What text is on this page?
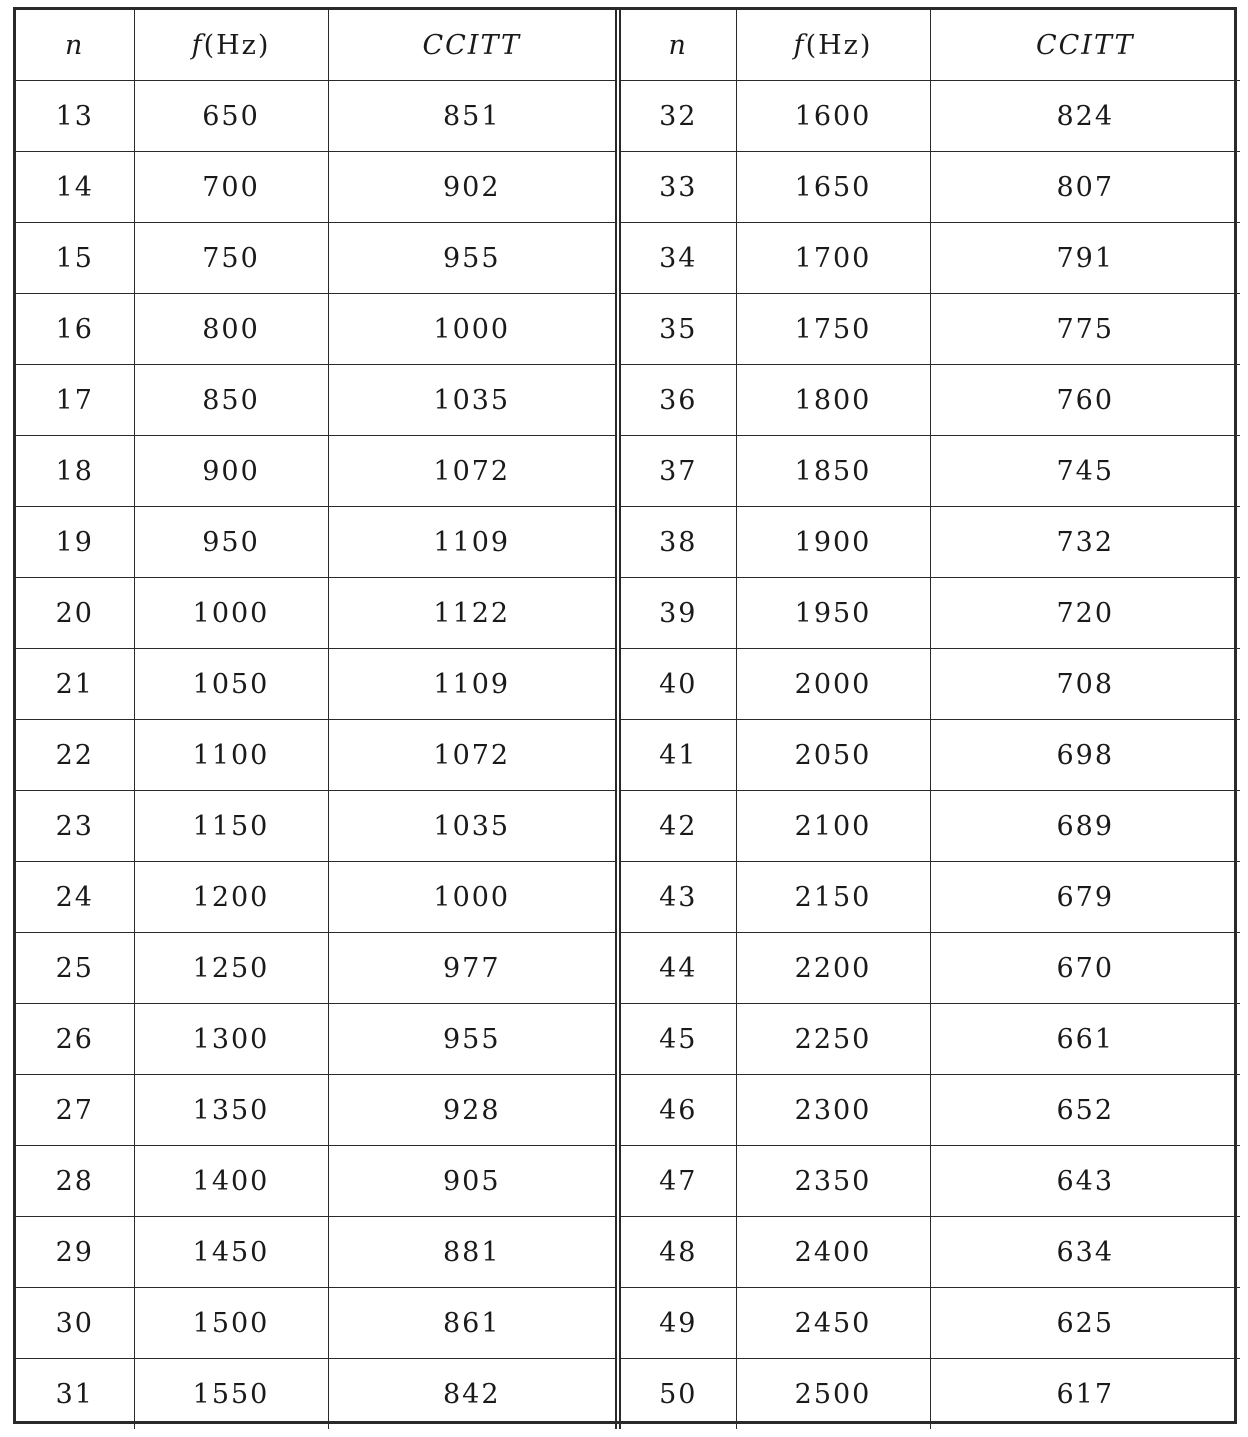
n	f(Hz)	CCITT	n	f(Hz)	CCITT
13	650	851	32	1600	824
14	700	902	33	1650	807
15	750	955	34	1700	791
16	800	1000	35	1750	775
17	850	1035	36	1800	760
18	900	1072	37	1850	745
19	950	1109	38	1900	732
20	1000	1122	39	1950	720
21	1050	1109	40	2000	708
22	1100	1072	41	2050	698
23	1150	1035	42	2100	689
24	1200	1000	43	2150	679
25	1250	977	44	2200	670
26	1300	955	45	2250	661
27	1350	928	46	2300	652
28	1400	905	47	2350	643
29	1450	881	48	2400	634
30	1500	861	49	2450	625
31	1550	842	50	2500	617
